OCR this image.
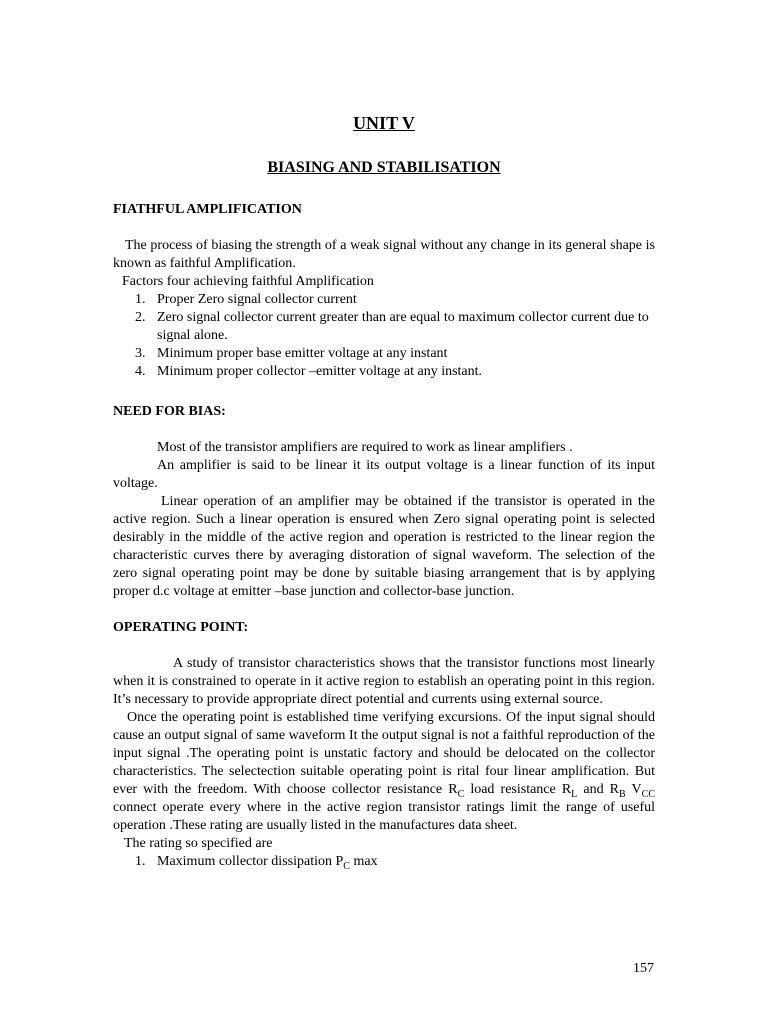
UNIT V
BIASING AND STABILISATION
FIATHFUL AMPLIFICATION

The process of biasing the strength of a weak signal without any change in its general shape is known as faithful Amplification.

Factors four achieving faithful Amplification

1. Proper Zero signal collector current
2. Zero signal collector current greater than are equal to maximum collector current due to signal alone.
3. Minimum proper base emitter voltage at any instant
4. Minimum proper collector –emitter voltage at any instant.
NEED FOR BIAS:

Most of the transistor amplifiers are required to work as linear amplifiers .

An amplifier is said to be linear it its output voltage is a linear function of its input voltage.

Linear operation of an amplifier may be obtained if the transistor is operated in the active region. Such a linear operation is ensured when Zero signal operating point is selected desirably in the middle of the active region and operation is restricted to the linear region the characteristic curves there by averaging distoration of signal waveform. The selection of the zero signal operating point may be done by suitable biasing arrangement that is by applying proper d.c voltage at emitter –base junction and collector-base junction.

OPERATING POINT:

A study of transistor characteristics shows that the transistor functions most linearly when it is constrained to operate in it active region to establish an operating point in this region. It’s necessary to provide appropriate direct potential and currents using external source.

Once the operating point is established time verifying excursions. Of the input signal should cause an output signal of same waveform It the output signal is not a faithful reproduction of the input signal .The operating point is unstatic factory and should be delocated on the collector characteristics. The selectection suitable operating point is rital four linear amplification. But ever with the freedom. With choose collector resistance $R_C$ load resistance $R_L$ and $R_B$ $V_{CC}$ connect operate every where in the active region transistor ratings limit the range of useful operation .These rating are usually listed in the manufactures data sheet.

The rating so specified are

1. Maximum collector dissipation $P_C$ max
157
